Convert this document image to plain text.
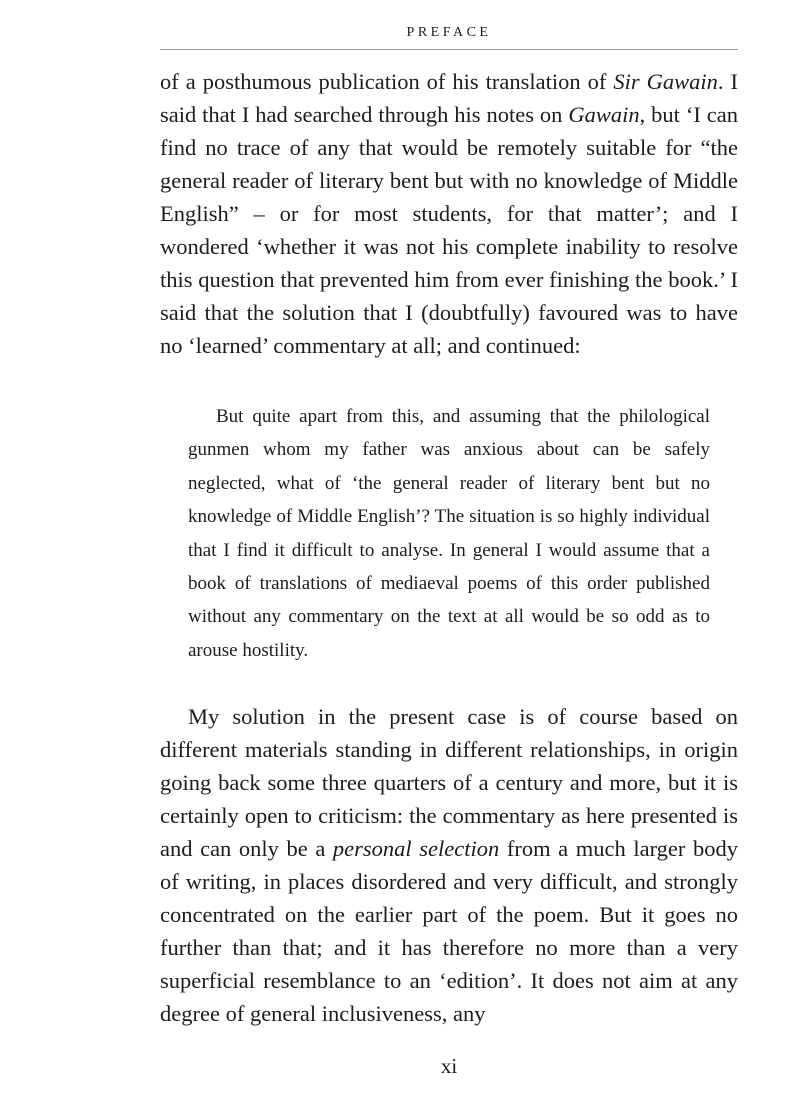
PREFACE

of a posthumous publication of his translation of Sir Gawain. I said that I had searched through his notes on Gawain, but ‘I can find no trace of any that would be remotely suitable for “the general reader of literary bent but with no knowledge of Middle English” – or for most students, for that matter’; and I wondered ‘whether it was not his complete inability to resolve this question that prevented him from ever finishing the book.’ I said that the solution that I (doubtfully) favoured was to have no ‘learned’ commentary at all; and continued:

But quite apart from this, and assuming that the philological gunmen whom my father was anxious about can be safely neglected, what of ‘the general reader of literary bent but no knowledge of Middle English’? The situation is so highly individual that I find it difficult to analyse. In general I would assume that a book of translations of mediaeval poems of this order published without any commentary on the text at all would be so odd as to arouse hostility.

My solution in the present case is of course based on different materials standing in different relationships, in origin going back some three quarters of a century and more, but it is certainly open to criticism: the commentary as here presented is and can only be a personal selection from a much larger body of writing, in places disordered and very difficult, and strongly concentrated on the earlier part of the poem. But it goes no further than that; and it has therefore no more than a very superficial resemblance to an ‘edition’. It does not aim at any degree of general inclusiveness, any

xi
